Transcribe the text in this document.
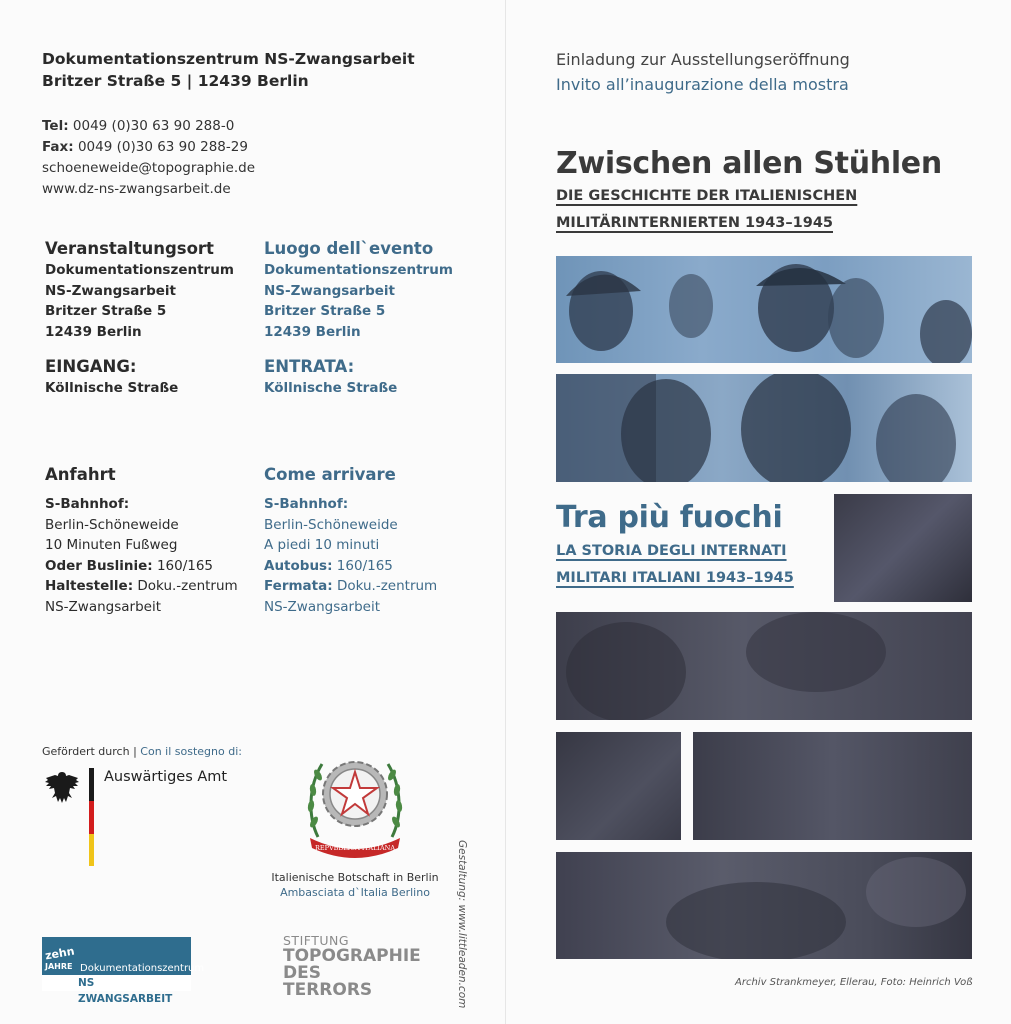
Dokumentationszentrum NS-Zwangsarbeit
Britzer Straße 5 | 12439 Berlin
Tel: 0049 (0)30 63 90 288-0
Fax: 0049 (0)30 63 90 288-29
schoeneweide@topographie.de
www.dz-ns-zwangsarbeit.de
Veranstaltungsort
Dokumentationszentrum
NS-Zwangsarbeit
Britzer Straße 5
12439 Berlin
EINGANG:
Köllnische Straße
Luogo dell`evento
Dokumentationszentrum
NS-Zwangsarbeit
Britzer Straße 5
12439 Berlin
ENTRATA:
Köllnische Straße
Anfahrt
S-Bahnhof:
Berlin-Schöneweide
10 Minuten Fußweg
Oder Buslinie: 160/165
Haltestelle: Doku.-zentrum
NS-Zwangsarbeit
Come arrivare
S-Bahnhof:
Berlin-Schöneweide
A piedi 10 minuti
Autobus: 160/165
Fermata: Doku.-zentrum
NS-Zwangsarbeit
Gefördert durch | Con il sostegno di:
Auswärtiges Amt
REPVBBLICA ITALIANA
Italienische Botschaft in Berlin
Ambasciata d`Italia Berlino
zehn
JAHRE Dokumentationszentrum
NS ZWANGSARBEIT
STIFTUNG
TOPOGRAPHIE
DES
TERRORS	Gestaltung: www.littleaden.com
Einladung zur Ausstellungseröffnung
Invito all’inaugurazione della mostra
Zwischen allen Stühlen
DIE GESCHICHTE DER ITALIENISCHEN
MILITÄRINTERNIERTEN 1943–1945
Tra più fuochi
LA STORIA DEGLI INTERNATI
MILITARI ITALIANI 1943–1945
Archiv Strankmeyer, Ellerau, Foto: Heinrich Voß
